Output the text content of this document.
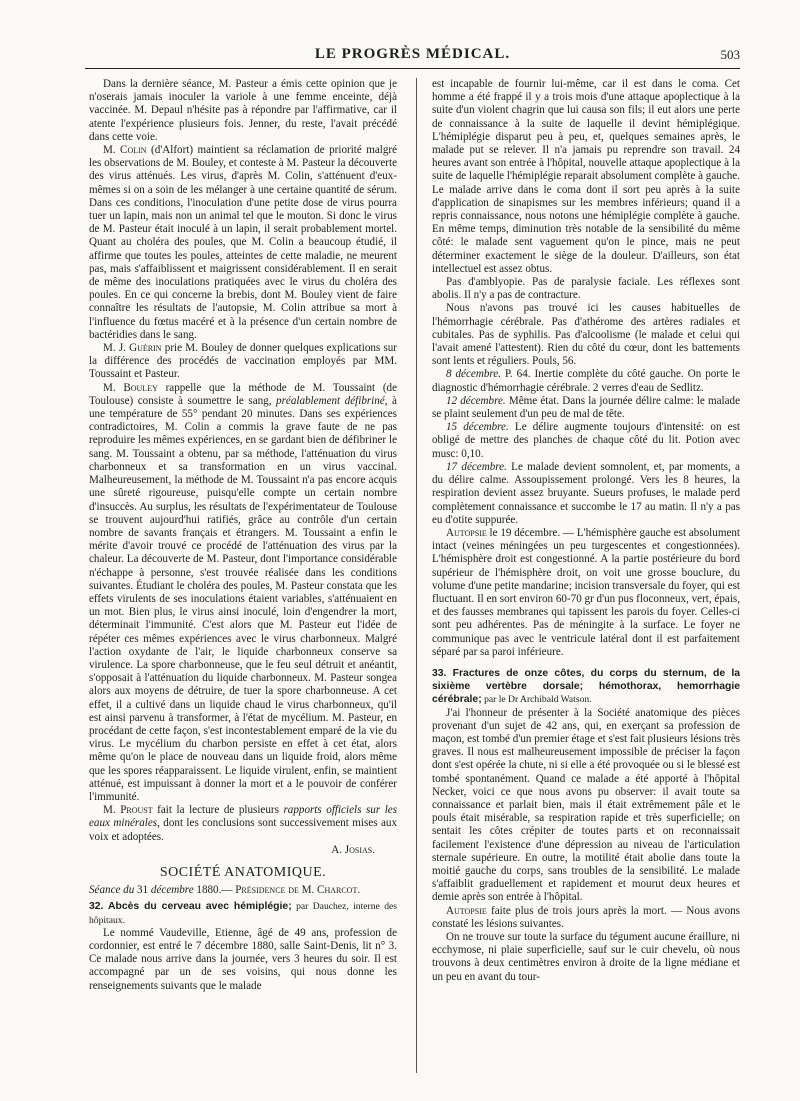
LE PROGRÈS MÉDICAL.	503

Dans la dernière séance, M. Pasteur a émis cette opinion que je n'oserais jamais inoculer la variole à une femme enceinte, déjà vaccinée. M. Depaul n'hésite pas à répondre par l'affirmative, car il atente l'expérience plusieurs fois. Jenner, du reste, l'avait précédé dans cette voie.

M. Colin (d'Alfort) maintient sa réclamation de priorité malgré les observations de M. Bouley, et conteste à M. Pasteur la découverte des virus atténués. Les virus, d'après M. Colin, s'atténuent d'eux-mêmes si on a soin de les mélanger à une certaine quantité de sérum. Dans ces conditions, l'inoculation d'une petite dose de virus pourra tuer un lapin, mais non un animal tel que le mouton. Si donc le virus de M. Pasteur était inoculé à un lapin, il serait probablement mortel. Quant au choléra des poules, que M. Colin a beaucoup étudié, il affirme que toutes les poules, atteintes de cette maladie, ne meurent pas, mais s'affaiblissent et maigrissent considérablement. Il en serait de même des inoculations pratiquées avec le virus du choléra des poules. En ce qui concerne la brebis, dont M. Bouley vient de faire connaître les résultats de l'autopsie, M. Colin attribue sa mort à l'influence du fœtus macéré et à la présence d'un certain nombre de bactéridies dans le sang.

M. J. Guérin prie M. Bouley de donner quelques explications sur la différence des procédés de vaccination employés par MM. Toussaint et Pasteur.

M. Bouley rappelle que la méthode de M. Toussaint (de Toulouse) consiste à soumettre le sang, préalablement défibriné, à une température de 55° pendant 20 minutes. Dans ses expériences contradictoires, M. Colin a commis la grave faute de ne pas reproduire les mêmes expériences, en se gardant bien de défibriner le sang. M. Toussaint a obtenu, par sa méthode, l'atténuation du virus charbonneux et sa transformation en un virus vaccinal. Malheureusement, la méthode de M. Toussaint n'a pas encore acquis une sûreté rigoureuse, puisqu'elle compte un certain nombre d'insuccès. Au surplus, les résultats de l'expérimentateur de Toulouse se trouvent aujourd'hui ratifiés, grâce au contrôle d'un certain nombre de savants français et étrangers. M. Toussaint a enfin le mérite d'avoir trouvé ce procédé de l'atténuation des virus par la chaleur. La découverte de M. Pasteur, dont l'importance considérable n'échappe à personne, s'est trouvée réalisée dans les conditions suivantes. Étudiant le choléra des poules, M. Pasteur constata que les effets virulents de ses inoculations étaient variables, s'atténuaient en un mot. Bien plus, le virus ainsi inoculé, loin d'engendrer la mort, déterminait l'immunité. C'est alors que M. Pasteur eut l'idée de répéter ces mêmes expériences avec le virus charbonneux. Malgré l'action oxydante de l'air, le liquide charbonneux conserve sa virulence. La spore charbonneuse, que le feu seul détruit et anéantit, s'opposait à l'atténuation du liquide charbonneux. M. Pasteur songea alors aux moyens de détruire, de tuer la spore charbonneuse. A cet effet, il a cultivé dans un liquide chaud le virus charbonneux, qu'il est ainsi parvenu à transformer, à l'état de mycélium. M. Pasteur, en procédant de cette façon, s'est incontestablement emparé de la vie du virus. Le mycélium du charbon persiste en effet à cet état, alors même qu'on le place de nouveau dans un liquide froid, alors même que les spores réapparaissent. Le liquide virulent, enfin, se maintient atténué, est impuissant à donner la mort et a le pouvoir de conférer l'immunité.

M. Proust fait la lecture de plusieurs rapports officiels sur les eaux minérales, dont les conclusions sont successivement mises aux voix et adoptées.

A. Josias.

SOCIÉTÉ ANATOMIQUE.

Séance du 31 décembre 1880.— Présidence de M. Charcot.

32. Abcès du cerveau avec hémiplégie; par Dauchez, interne des hôpitaux.

Le nommé Vaudeville, Etienne, âgé de 49 ans, profession de cordonnier, est entré le 7 décembre 1880, salle Saint-Denis, lit n° 3. Ce malade nous arrive dans la journée, vers 3 heures du soir. Il est accompagné par un de ses voisins, qui nous donne les renseignements suivants que le malade

est incapable de fournir lui-même, car il est dans le coma. Cet homme a été frappé il y a trois mois d'une attaque apoplectique à la suite d'un violent chagrin que lui causa son fils; il eut alors une perte de connaissance à la suite de laquelle il devint hémiplégique. L'hémiplégie disparut peu à peu, et, quelques semaines après, le malade put se relever. Il n'a jamais pu reprendre son travail. 24 heures avant son entrée à l'hôpital, nouvelle attaque apoplectique à la suite de laquelle l'hémiplégie reparait absolument complète à gauche. Le malade arrive dans le coma dont il sort peu après à la suite d'application de sinapismes sur les membres inférieurs; quand il a repris connaissance, nous notons une hémiplégie complète à gauche. En même temps, diminution très notable de la sensibilité du même côté: le malade sent vaguement qu'on le pince, mais ne peut déterminer exactement le siège de la douleur. D'ailleurs, son état intellectuel est assez obtus.

Pas d'amblyopie. Pas de paralysie faciale. Les réflexes sont abolis. Il n'y a pas de contracture.

Nous n'avons pas trouvé ici les causes habituelles de l'hémorrhagie cérébrale. Pas d'athérome des artères radiales et cubitales. Pas de syphilis. Pas d'alcoolisme (le malade et celui qui l'avait amené l'attestent). Rien du côté du cœur, dont les battements sont lents et réguliers. Pouls, 56.

8 décembre. P. 64. Inertie complète du côté gauche. On porte le diagnostic d'hémorrhagie cérébrale. 2 verres d'eau de Sedlitz.

12 décembre. Même état. Dans la journée délire calme: le malade se plaint seulement d'un peu de mal de tête.

15 décembre. Le délire augmente toujours d'intensité: on est obligé de mettre des planches de chaque côté du lit. Potion avec musc: 0,10.

17 décembre. Le malade devient somnolent, et, par moments, a du délire calme. Assoupissement prolongé. Vers les 8 heures, la respiration devient assez bruyante. Sueurs profuses, le malade perd complètement connaissance et succombe le 17 au matin. Il n'y a pas eu d'otite suppurée.

Autopsie le 19 décembre. — L'hémisphère gauche est absolument intact (veines méningées un peu turgescentes et congestionnées). L'hémisphère droit est congestionné. A la partie postérieure du bord supérieur de l'hémisphère droit, on voit une grosse bouclure, du volume d'une petite mandarine; incision transversale du foyer, qui est fluctuant. Il en sort environ 60-70 gr d'un pus floconneux, vert, épais, et des fausses membranes qui tapissent les parois du foyer. Celles-ci sont peu adhérentes. Pas de méningite à la surface. Le foyer ne communique pas avec le ventricule latéral dont il est parfaitement séparé par sa paroi inférieure.

33. Fractures de onze côtes, du corps du sternum, de la sixième vertèbre dorsale; hémothorax, hemorrhagie cérébrale; par le Dr Archibald Watson.

J'ai l'honneur de présenter à la Société anatomique des pièces provenant d'un sujet de 42 ans, qui, en exerçant sa profession de maçon, est tombé d'un premier étage et s'est fait plusieurs lésions très graves. Il nous est malheureusement impossible de préciser la façon dont s'est opérée la chute, ni si elle a été provoquée ou si le blessé est tombé spontanément. Quand ce malade a été apporté à l'hôpital Necker, voici ce que nous avons pu observer: il avait toute sa connaissance et parlait bien, mais il était extrêmement pâle et le pouls était misérable, sa respiration rapide et très superficielle; on sentait les côtes crépiter de toutes parts et on reconnaissait facilement l'existence d'une dépression au niveau de l'articulation sternale supérieure. En outre, la motilité était abolie dans toute la moitié gauche du corps, sans troubles de la sensibilité. Le malade s'affaiblit graduellement et rapidement et mourut deux heures et demie après son entrée à l'hôpital.

Autopsie faite plus de trois jours après la mort. — Nous avons constaté les lésions suivantes.

On ne trouve sur toute la surface du tégument aucune éraillure, ni ecchymose, ni plaie superficielle, sauf sur le cuir chevelu, où nous trouvons à deux centimètres environ à droite de la ligne médiane et un peu en avant du tour-
